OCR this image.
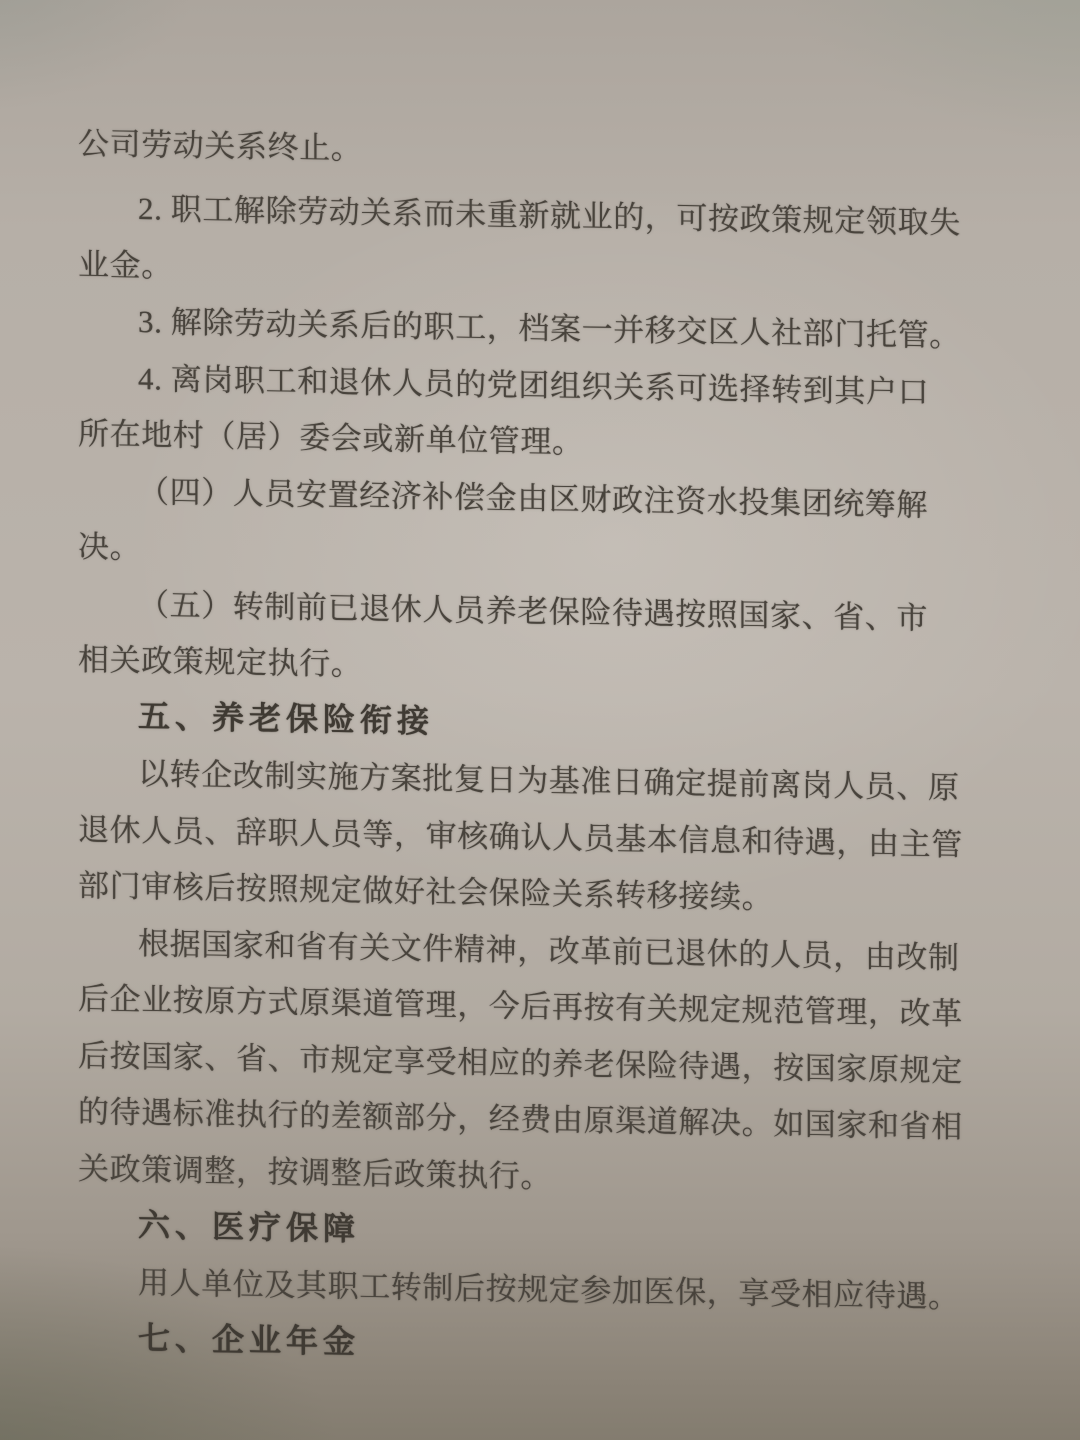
公司劳动关系终止。
2. 职工解除劳动关系而未重新就业的，可按政策规定领取失
业金。
3. 解除劳动关系后的职工，档案一并移交区人社部门托管。
4. 离岗职工和退休人员的党团组织关系可选择转到其户口
所在地村（居）委会或新单位管理。
（四）人员安置经济补偿金由区财政注资水投集团统筹解
决。
（五）转制前已退休人员养老保险待遇按照国家、省、市
相关政策规定执行。
五、养老保险衔接
以转企改制实施方案批复日为基准日确定提前离岗人员、原
退休人员、辞职人员等，审核确认人员基本信息和待遇，由主管
部门审核后按照规定做好社会保险关系转移接续。
根据国家和省有关文件精神，改革前已退休的人员，由改制
后企业按原方式原渠道管理，今后再按有关规定规范管理，改革
后按国家、省、市规定享受相应的养老保险待遇，按国家原规定
的待遇标准执行的差额部分，经费由原渠道解决。如国家和省相
关政策调整，按调整后政策执行。
六、医疗保障
用人单位及其职工转制后按规定参加医保，享受相应待遇。
七、企业年金
